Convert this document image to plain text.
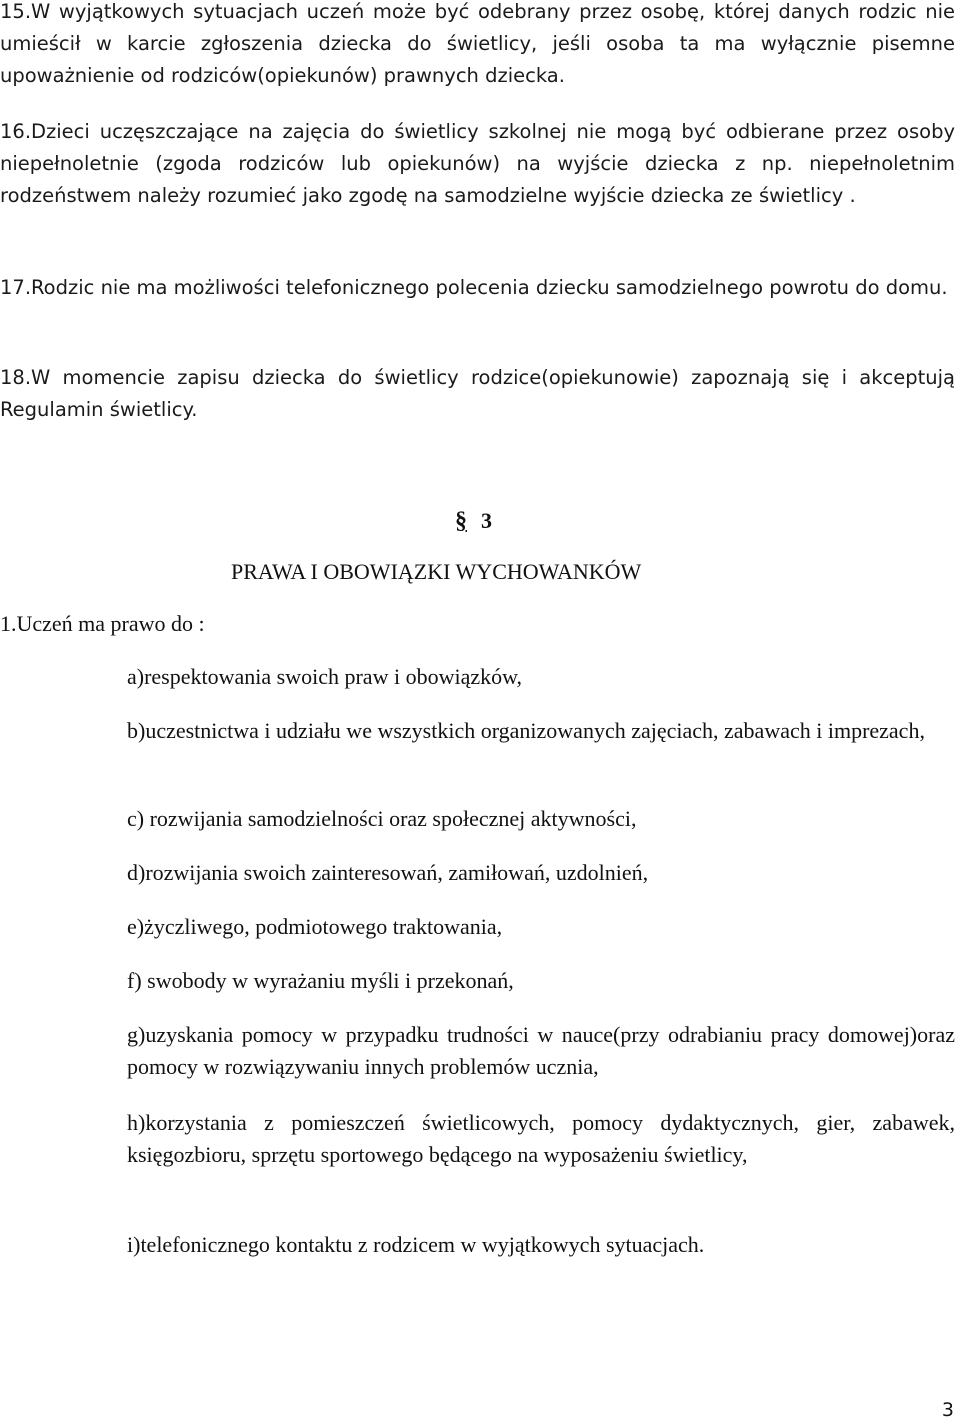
15.W wyjątkowych sytuacjach uczeń może być odebrany przez osobę, której danych rodzic nie umieścił w karcie zgłoszenia dziecka do świetlicy, jeśli osoba ta ma wyłącznie pisemne upoważnienie od rodziców(opiekunów) prawnych dziecka.

16.Dzieci uczęszczające na zajęcia do świetlicy szkolnej nie mogą być odbierane przez osoby niepełnoletnie (zgoda rodziców lub opiekunów) na wyjście dziecka z np. niepełnoletnim rodzeństwem należy rozumieć jako zgodę na samodzielne wyjście dziecka ze świetlicy .

17.Rodzic nie ma możliwości telefonicznego polecenia dziecku samodzielnego powrotu do domu.

18.W momencie zapisu dziecka do świetlicy rodzice(opiekunowie) zapoznają się i akceptują Regulamin świetlicy.

§ 3
PRAWA I OBOWIĄZKI WYCHOWANKÓW

1.Uczeń ma prawo do :

a)respektowania swoich praw i obowiązków,

b)uczestnictwa i udziału we wszystkich organizowanych zajęciach, zabawach i imprezach,

c) rozwijania samodzielności oraz społecznej aktywności,

d)rozwijania swoich zainteresowań, zamiłowań, uzdolnień,

e)życzliwego, podmiotowego traktowania,

f) swobody w wyrażaniu myśli i przekonań,

g)uzyskania pomocy w przypadku trudności w nauce(przy odrabianiu pracy domowej)oraz pomocy w rozwiązywaniu innych problemów ucznia,

h)korzystania z pomieszczeń świetlicowych, pomocy dydaktycznych, gier, zabawek, księgozbioru, sprzętu sportowego będącego na wyposażeniu świetlicy,

i)telefonicznego kontaktu z rodzicem w wyjątkowych sytuacjach.

3
